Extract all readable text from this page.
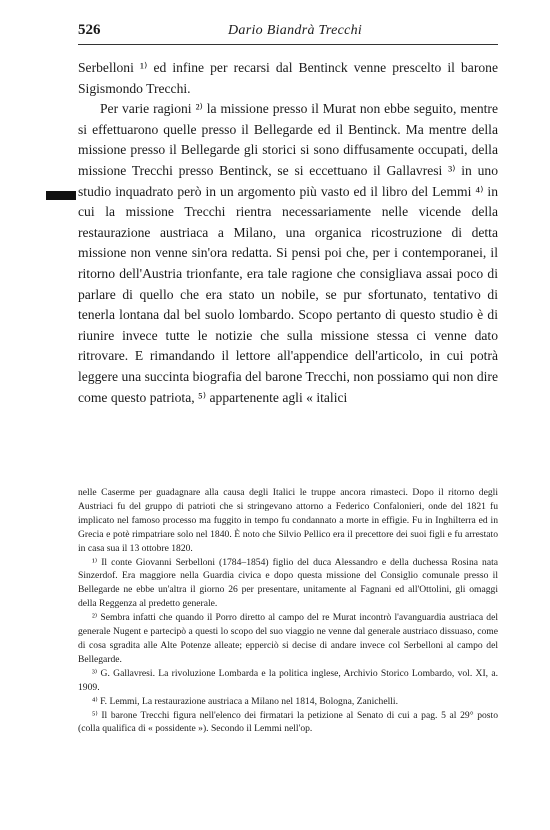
526	Dario Biandrà Trecchi

Serbelloni ¹⁾ ed infine per recarsi dal Bentinck venne prescelto il barone Sigismondo Trecchi.

Per varie ragioni ²⁾ la missione presso il Murat non ebbe seguito, mentre si effettuarono quelle presso il Bellegarde ed il Bentinck. Ma mentre della missione presso il Bellegarde gli storici si sono diffusamente occupati, della missione Trecchi presso Bentinck, se si eccettuano il Gallavresi ³⁾ in uno studio inquadrato però in un argomento più vasto ed il libro del Lemmi ⁴⁾ in cui la missione Trecchi rientra necessariamente nelle vicende della restaurazione austriaca a Milano, una organica ricostruzione di detta missione non venne sin'ora redatta. Si pensi poi che, per i contemporanei, il ritorno dell'Austria trionfante, era tale ragione che consigliava assai poco di parlare di quello che era stato un nobile, se pur sfortunato, tentativo di tenerla lontana dal bel suolo lombardo. Scopo pertanto di questo studio è di riunire invece tutte le notizie che sulla missione stessa ci venne dato ritrovare. E rimandando il lettore all'appendice dell'articolo, in cui potrà leggere una succinta biografia del barone Trecchi, non possiamo qui non dire come questo patriota, ⁵⁾ appartenente agli « italici

nelle Caserme per guadagnare alla causa degli Italici le truppe ancora rimasteci. Dopo il ritorno degli Austriaci fu del gruppo di patrioti che si stringevano attorno a Federico Confalonieri, onde del 1821 fu implicato nel famoso processo ma fuggito in tempo fu condannato a morte in effigie. Fu in Inghilterra ed in Grecia e potè rimpatriare solo nel 1840. È noto che Silvio Pellico era il precettore dei suoi figli e fu arrestato in casa sua il 13 ottobre 1820.

¹⁾ Il conte Giovanni Serbelloni (1784–1854) figlio del duca Alessandro e della duchessa Rosina nata Sinzerdof. Era maggiore nella Guardia civica e dopo questa missione del Consiglio comunale presso il Bellegarde ne ebbe un'altra il giorno 26 per presentare, unitamente al Fagnani ed all'Ottolini, gli omaggi della Reggenza al predetto generale.

²⁾ Sembra infatti che quando il Porro diretto al campo del re Murat incontrò l'avanguardia austriaca del generale Nugent e partecipò a questi lo scopo del suo viaggio ne venne dal generale austriaco dissuaso, come di cosa sgradita alle Alte Potenze alleate; epperciò si decise di andare invece col Serbelloni al campo del Bellegarde.

³⁾ G. Gallavresi. La rivoluzione Lombarda e la politica inglese, Archivio Storico Lombardo, vol. XI, a. 1909.

⁴⁾ F. Lemmi, La restaurazione austriaca a Milano nel 1814, Bologna, Zanichelli.

⁵⁾ Il barone Trecchi figura nell'elenco dei firmatari la petizione al Senato di cui a pag. 5 al 29° posto (colla qualifica di « possidente »). Secondo il Lemmi nell'op.
